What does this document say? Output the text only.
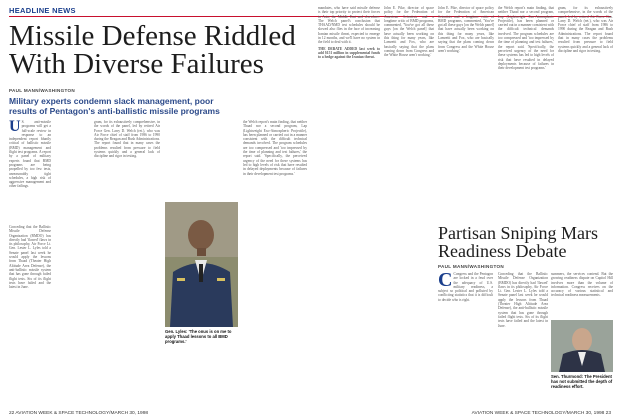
HEADLINE NEWS
Missile Defense Riddled With Diverse Failures
PAUL MANN/WASHINGTON
Military experts condemn slack management, poor results of Pentagon's anti-ballistic missile programs
U S. anti-missile programs will get a full-scale review in response to an independent report bluntly critical of ballistic missile (BMD) management and flight test programs. A report by a panel of military experts found that BMD programs are being propelled by too few tests, unreasonably tight schedules, a high risk of aggressive management and other failings.
Conceding that the Ballistic Missile Defense Organization (BMDO) has directly had 'flawed' flaws in its philosophy, Air Force Lt. Gen. Lester L. Lyles told a Senate panel last week he would apply the lessons from Thaad (Theater High Altitude Area Defense), the anti-ballistic missile system that has gone through failed flight tests. Six of its flight tests have failed and the latest in June.
gram, for its exhaustively comprehensive, in the words of the panel, led by retired Air Force Gen. Larry D. Welch (ret.), who was Air Force chief of staff from 1986 to 1990 during the Reagan and Bush Administrations. The report found that in many cases the problems resulted from pressure to field systems quickly and a general lack of discipline and rigor in testing.
Gen. Lyles: 'The onus is on me to apply Thaad lessons to all BMD programs.'
the Welch report's main finding, that neither Thaad nor a second program, Lap (Lightweight Exo-Atmospheric Projectile), has been planned or carried out in a manner consistent with the difficult technical demands involved. The program schedules are too compressed and 'too impressed by the time of planning and test failures,' the report said. 'Specifically, the perceived urgency of the need for these systems has led to high levels of risk that have resulted in delayed deployments because of failures in their development test programs.'
mandates, who have said missile defense is their top priority to protect their forces in Asia, the Middle East and elsewhere. The Welch panel's conclusion that THAAD/NMD test schedules should be slowed also flies in the face of increasing Iranian missile threat, expected to emerge in 12 months, and we'll have no system in the field to deal with it.

THE DEBATE ADDED last week to add $151 million in supplemental funds to a hedge against the Iranian threat.

John E. Pike, director of space policy for the Federation of American Scientists and a longtime critic of BMD programs, commented, 'You've got all these guys [on the Welch panel] that have actually been working on this thing for many years, like Lamretti and Fox, who are basically saying that the plans coming down from Congress and the White House aren't working.'
John E. Pike, director of space policy for the Federation of American Scientists and a longtime critic of BMD programs, commented, 'You've got all these guys [on the Welch panel] that have actually been working on this thing for many years, like Lamretti and Fox, who are basically saying that the plans coming down from Congress and the White House aren't working.'
the Welch report's main finding, that neither Thaad nor a second program, Lap (Lightweight Exo-Atmospheric Projectile), has been planned or carried out in a manner consistent with the difficult technical demands involved. The program schedules are too compressed and 'too impressed by the time of planning and test failures,' the report said. 'Specifically, the perceived urgency of the need for these systems has led to high levels of risk that have resulted in delayed deployments because of failures in their development test programs.'
gram, for its exhaustively comprehensive, in the words of the panel, led by retired Air Force Gen. Larry D. Welch (ret.), who was Air Force chief of staff from 1986 to 1990 during the Reagan and Bush Administrations. The report found that in many cases the problems resulted from pressure to field systems quickly and a general lack of discipline and rigor in testing.
Partisan Sniping Mars Readiness Debate
PAUL MANN/WASHINGTON
C Congress and the Pentagon are locked in a feud over the adequacy of U.S. military readiness, a subject so political and polluted by conflicting statistics that it is difficult to decide who is right.
Conceding that the Ballistic Missile Defense Organization (BMDO) has directly had 'flawed' flaws in its philosophy, Air Force Lt. Gen. Lester L. Lyles told a Senate panel last week he would apply the lessons from Thaad (Theater High Altitude Area Defense), the anti-ballistic missile system that has gone through failed flight tests. Six of its flight tests have failed and the latest in June.
summers, the services contend. But the growing readiness dispute on Capitol Hill involves more than the volume of information. Congress receives on the accuracy of various statistical and technical readiness measurements.
Sen. Thurmond: The President has not submitted the depth of readiness effort.
22 AVIATION WEEK & SPACE TECHNOLOGY/MARCH 30, 1998	AVIATION WEEK & SPACE TECHNOLOGY/MARCH 30, 1998 23
